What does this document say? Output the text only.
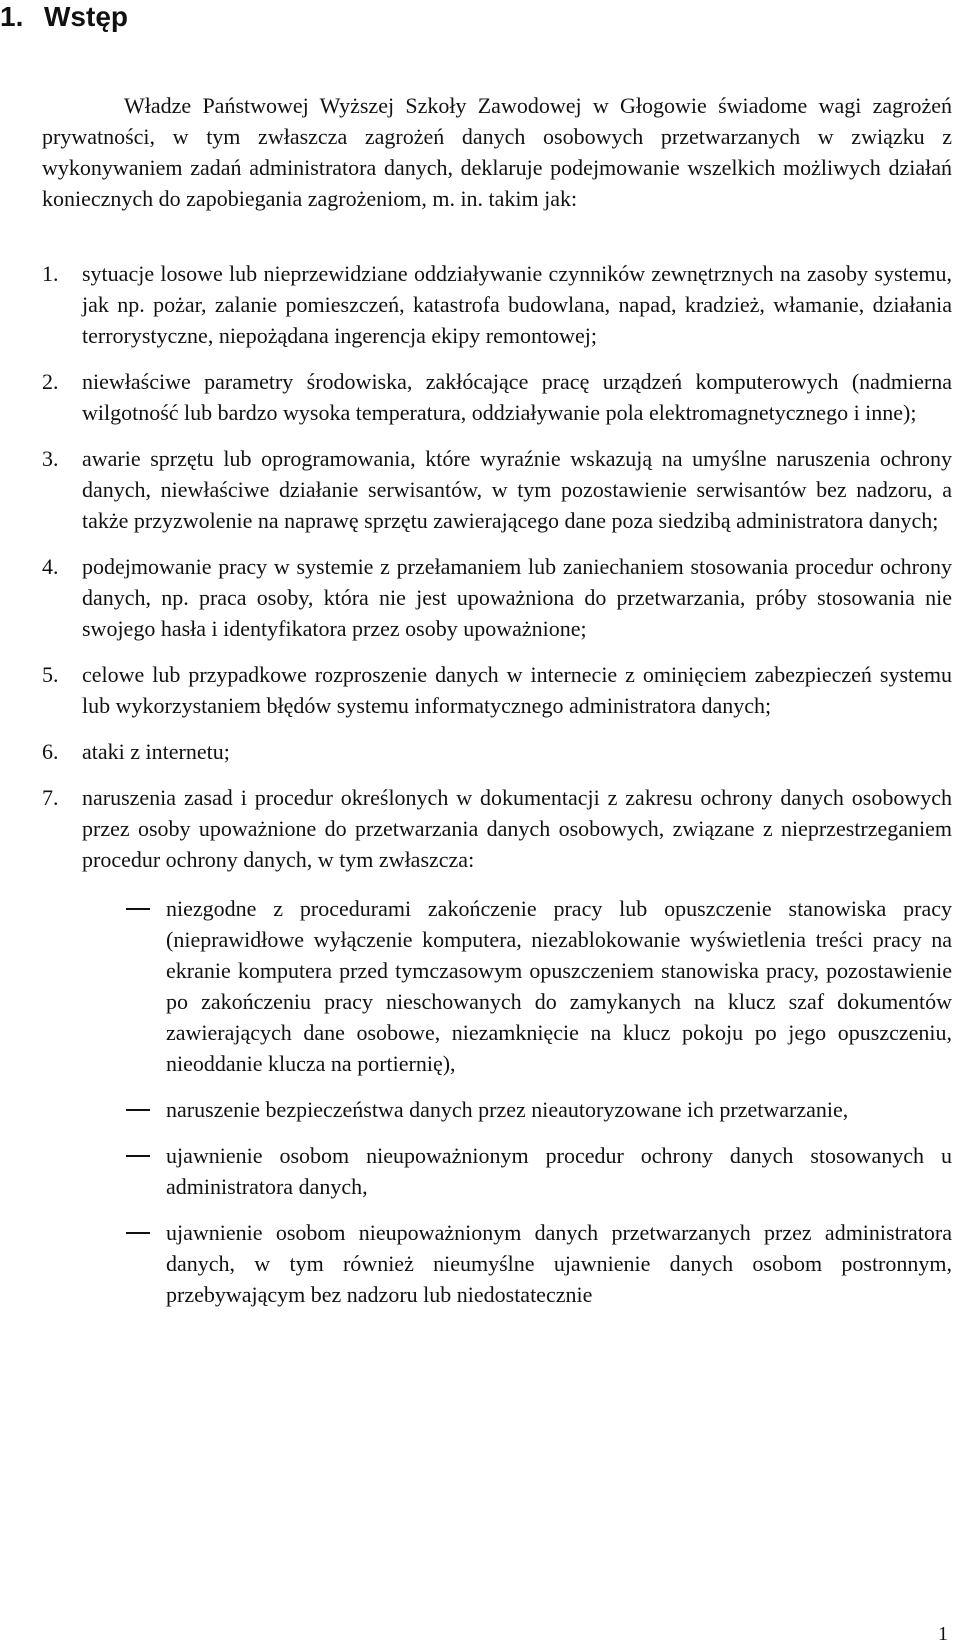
1. Wstęp

Władze Państwowej Wyższej Szkoły Zawodowej w Głogowie świadome wagi zagrożeń prywatności, w tym zwłaszcza zagrożeń danych osobowych przetwarzanych w związku z wykonywaniem zadań administratora danych, deklaruje podejmowanie wszelkich możliwych działań koniecznych do zapobiegania zagrożeniom, m. in. takim jak:

1. sytuacje losowe lub nieprzewidziane oddziaływanie czynników zewnętrznych na zasoby systemu, jak np. pożar, zalanie pomieszczeń, katastrofa budowlana, napad, kradzież, włamanie, działania terrorystyczne, niepożądana ingerencja ekipy remontowej;
2. niewłaściwe parametry środowiska, zakłócające pracę urządzeń komputerowych (nadmierna wilgotność lub bardzo wysoka temperatura, oddziaływanie pola elektromagnetycznego i inne);
3. awarie sprzętu lub oprogramowania, które wyraźnie wskazują na umyślne naruszenia ochrony danych, niewłaściwe działanie serwisantów, w tym pozostawienie serwisantów bez nadzoru, a także przyzwolenie na naprawę sprzętu zawierającego dane poza siedzibą administratora danych;
4. podejmowanie pracy w systemie z przełamaniem lub zaniechaniem stosowania procedur ochrony danych, np. praca osoby, która nie jest upoważniona do przetwarzania, próby stosowania nie swojego hasła i identyfikatora przez osoby upoważnione;
5. celowe lub przypadkowe rozproszenie danych w internecie z ominięciem zabezpieczeń systemu lub wykorzystaniem błędów systemu informatycznego administratora danych;
6. ataki z internetu;
7. naruszenia zasad i procedur określonych w dokumentacji z zakresu ochrony danych osobowych przez osoby upoważnione do przetwarzania danych osobowych, związane z nieprzestrzeganiem procedur ochrony danych, w tym zwłaszcza:
niezgodne z procedurami zakończenie pracy lub opuszczenie stanowiska pracy (nieprawidłowe wyłączenie komputera, niezablokowanie wyświetlenia treści pracy na ekranie komputera przed tymczasowym opuszczeniem stanowiska pracy, pozostawienie po zakończeniu pracy nieschowanych do zamykanych na klucz szaf dokumentów zawierających dane osobowe, niezamknięcie na klucz pokoju po jego opuszczeniu, nieoddanie klucza na portiernię),
naruszenie bezpieczeństwa danych przez nieautoryzowane ich przetwarzanie,
ujawnienie osobom nieupoważnionym procedur ochrony danych stosowanych u administratora danych,
ujawnienie osobom nieupoważnionym danych przetwarzanych przez administratora danych, w tym również nieumyślne ujawnienie danych osobom postronnym, przebywającym bez nadzoru lub niedostatecznie
1
